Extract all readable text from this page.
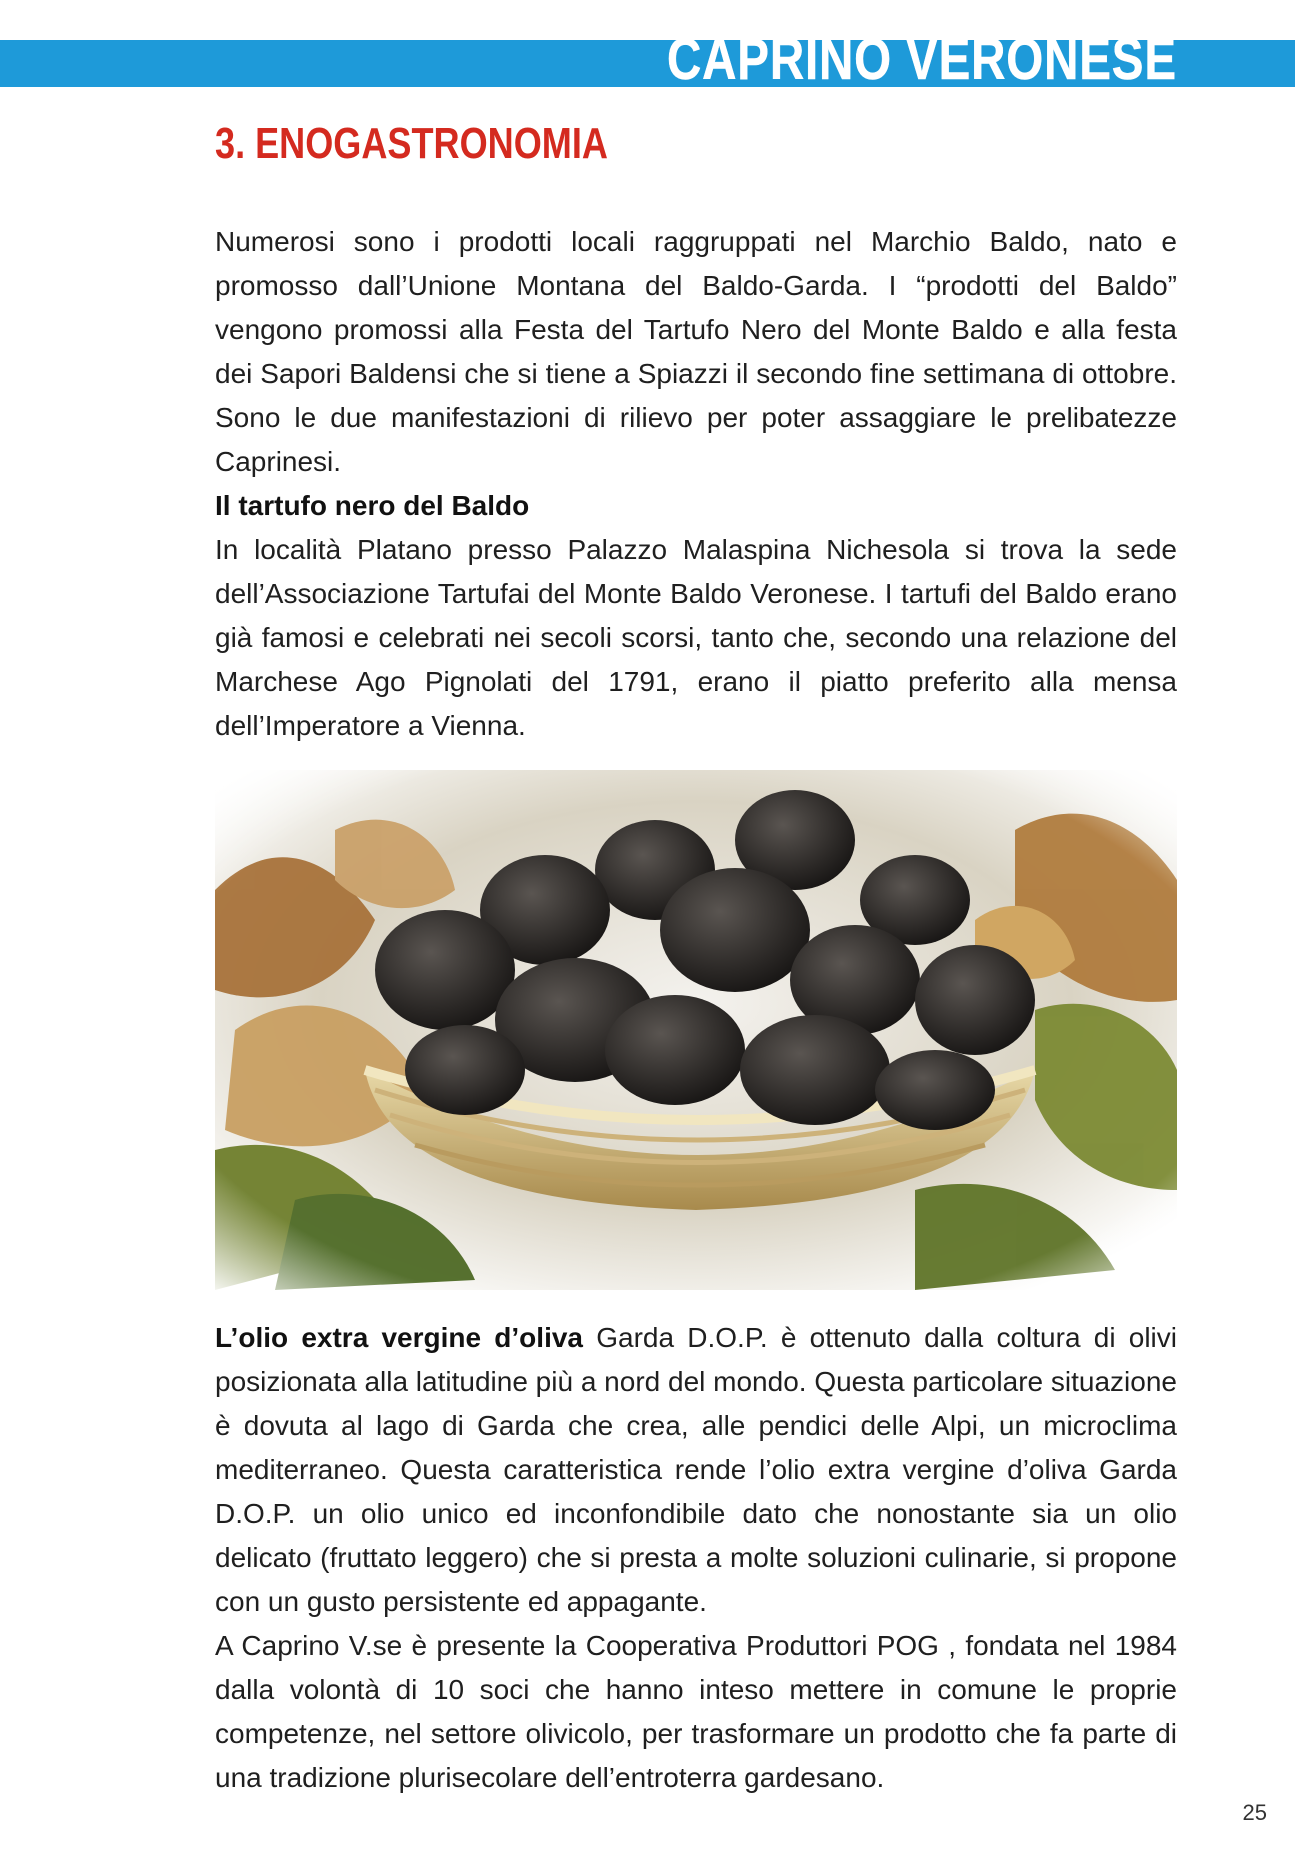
CAPRINO VERONESE
3. ENOGASTRONOMIA

Numerosi sono i prodotti locali raggruppati nel Marchio Baldo, nato e promosso dall’Unione Montana del Baldo-Garda. I “prodotti del Baldo” vengono promossi alla Festa del Tartufo Nero del Monte Baldo e alla festa dei Sapori Baldensi che si tiene a Spiazzi il secondo fine settimana di ottobre. Sono le due manifestazioni di rilievo per poter assaggiare le prelibatezze Caprinesi.

Il tartufo nero del Baldo

In località Platano presso Palazzo Malaspina Nichesola si trova la sede dell’Associazione Tartufai del Monte Baldo Veronese. I tartufi del Baldo erano già famosi e celebrati nei secoli scorsi, tanto che, secondo una relazione del Marchese Ago Pignolati del 1791, erano il piatto preferito alla mensa dell’Imperatore a Vienna.

L’olio extra vergine d’oliva Garda D.O.P. è ottenuto dalla coltura di olivi posizionata alla latitudine più a nord del mondo. Questa particolare situazione è dovuta al lago di Garda che crea, alle pendici delle Alpi, un microclima mediterraneo. Questa caratteristica rende l’olio extra vergine d’oliva Garda D.O.P. un olio unico ed inconfondibile dato che nonostante sia un olio delicato (fruttato leggero) che si presta a molte soluzioni culinarie, si propone con un gusto persistente ed appagante.

A Caprino V.se è presente la Cooperativa Produttori POG , fondata nel 1984 dalla volontà di 10 soci che hanno inteso mettere in comune le proprie competenze, nel settore olivicolo, per trasformare un prodotto che fa parte di una tradizione plurisecolare dell’entroterra gardesano.

25
